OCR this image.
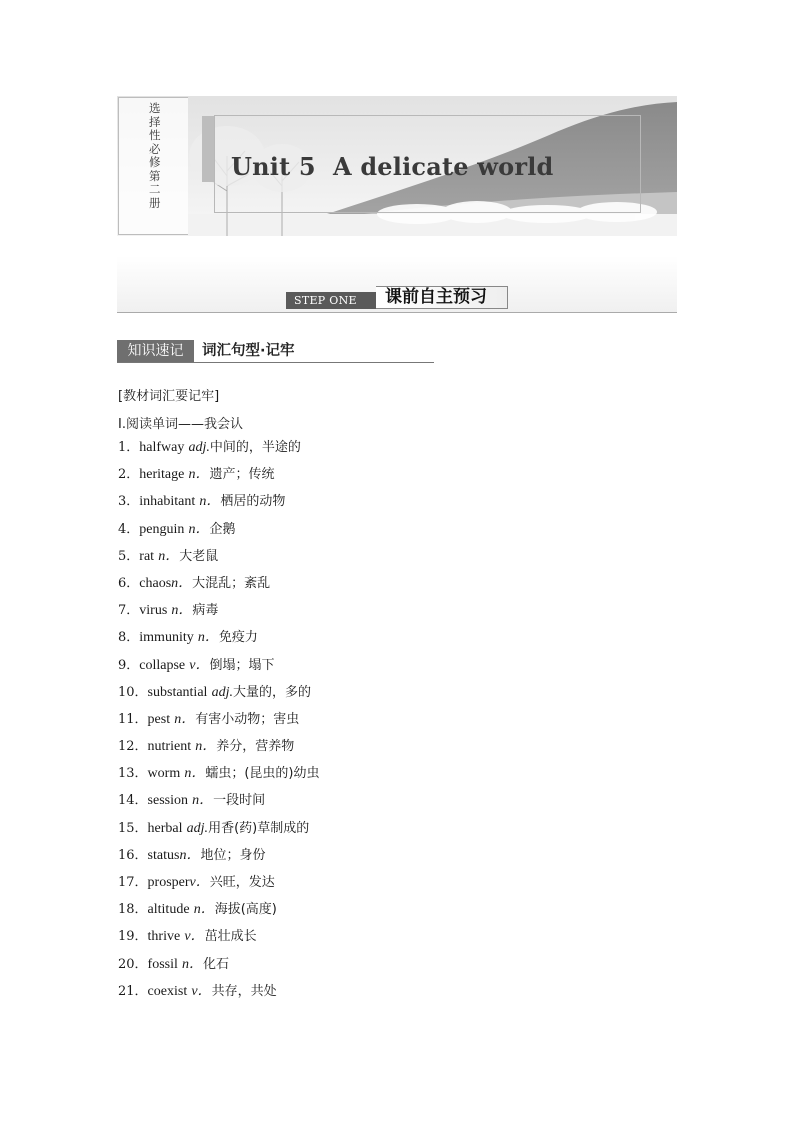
选择性必修第二册
Unit 5  A delicate world
STEP ONE	课前自主预习
知识速记	词汇句型·记牢
[教材词汇要记牢]
Ⅰ.阅读单词——我会认
1．halfway adj.中间的，半途的
2．heritage n．遗产；传统
3．inhabitant n．栖居的动物
4．penguin n．企鹅
5．rat n．大老鼠
6．chaosn．大混乱；紊乱
7．virus n．病毒
8．immunity n．免疫力
9．collapse v．倒塌；塌下
10．substantial adj.大量的，多的
11．pest n．有害小动物；害虫
12．nutrient n．养分，营养物
13．worm n．蠕虫；(昆虫的)幼虫
14．session n．一段时间
15．herbal adj.用香(药)草制成的
16．statusn．地位；身份
17．prosperv．兴旺，发达
18．altitude n．海拔(高度)
19．thrive v．茁壮成长
20．fossil n．化石
21．coexist v．共存，共处
